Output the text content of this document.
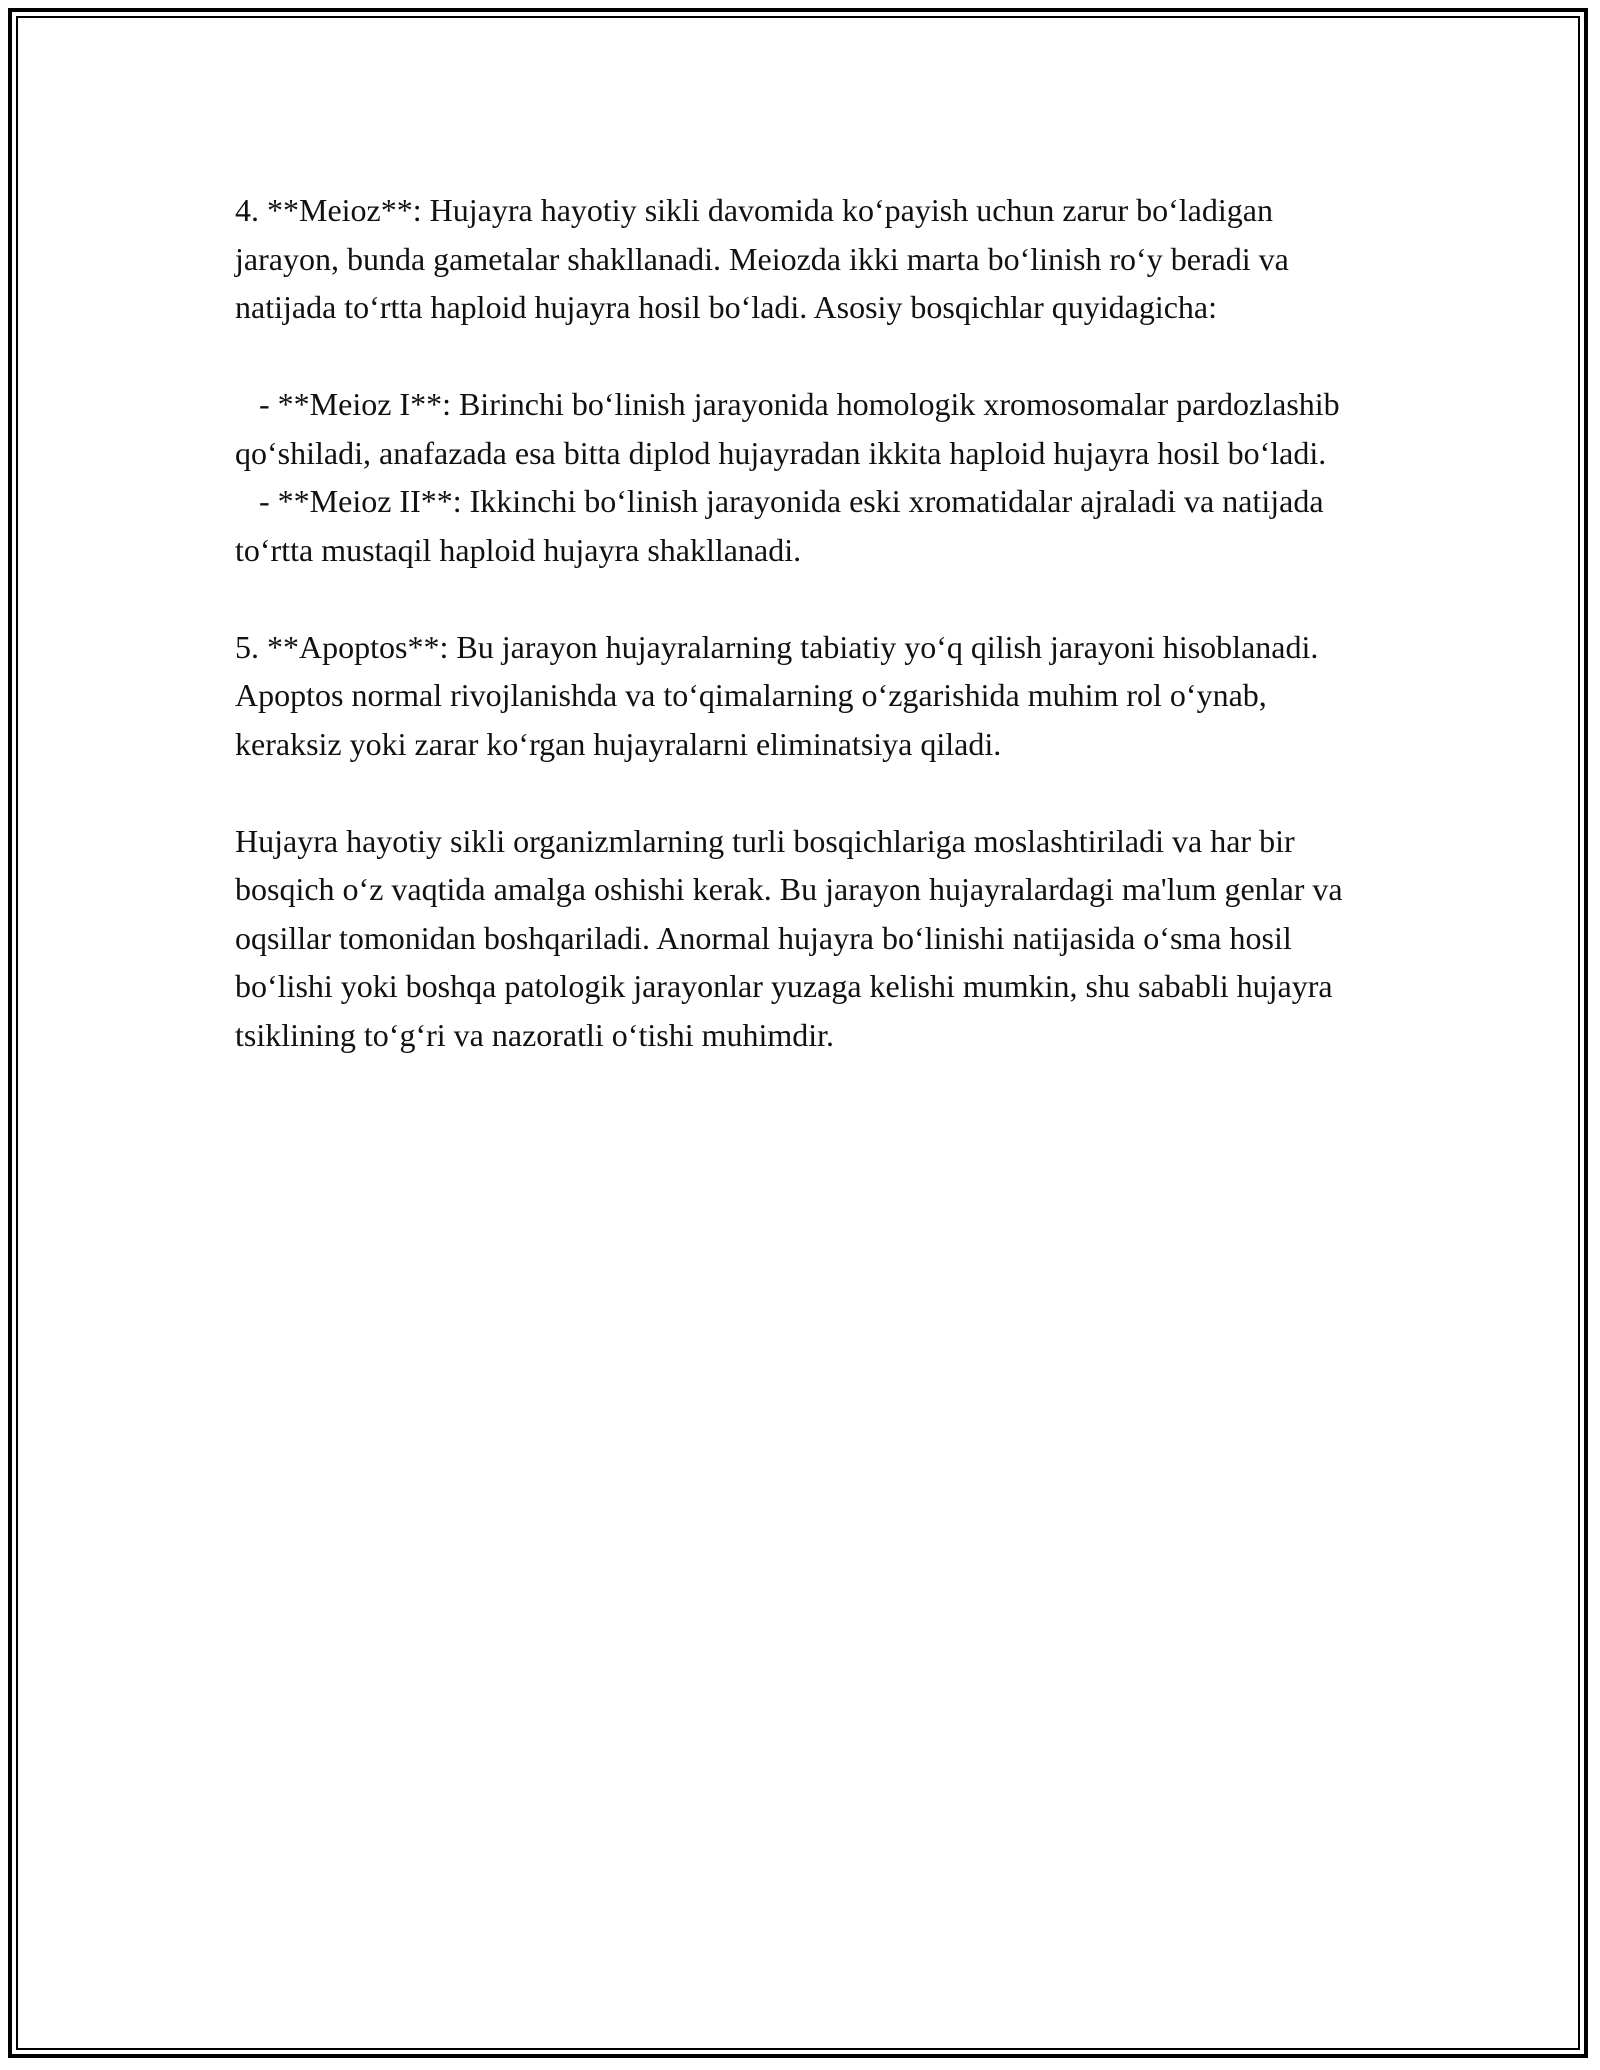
4. **Meioz**: Hujayra hayotiy sikli davomida koʻpayish uchun zarur boʻladigan jarayon, bunda gametalar shakllanadi. Meiozda ikki marta boʻlinish roʻy beradi va natijada toʻrtta haploid hujayra hosil boʻladi. Asosiy bosqichlar quyidagicha:

- **Meioz I**: Birinchi boʻlinish jarayonida homologik xromosomalar pardozlashib qoʻshiladi, anafazada esa bitta diplod hujayradan ikkita haploid hujayra hosil boʻladi.

- **Meioz II**: Ikkinchi boʻlinish jarayonida eski xromatidalar ajraladi va natijada toʻrtta mustaqil haploid hujayra shakllanadi.

5. **Apoptos**: Bu jarayon hujayralarning tabiatiy yoʻq qilish jarayoni hisoblanadi. Apoptos normal rivojlanishda va toʻqimalarning oʻzgarishida muhim rol oʻynab, keraksiz yoki zarar koʻrgan hujayralarni eliminatsiya qiladi.

Hujayra hayotiy sikli organizmlarning turli bosqichlariga moslashtiriladi va har bir bosqich oʻz vaqtida amalga oshishi kerak. Bu jarayon hujayralardagi ma'lum genlar va oqsillar tomonidan boshqariladi. Anormal hujayra boʻlinishi natijasida oʻsma hosil boʻlishi yoki boshqa patologik jarayonlar yuzaga kelishi mumkin, shu sababli hujayra tsiklining toʻgʻri va nazoratli oʻtishi muhimdir.
